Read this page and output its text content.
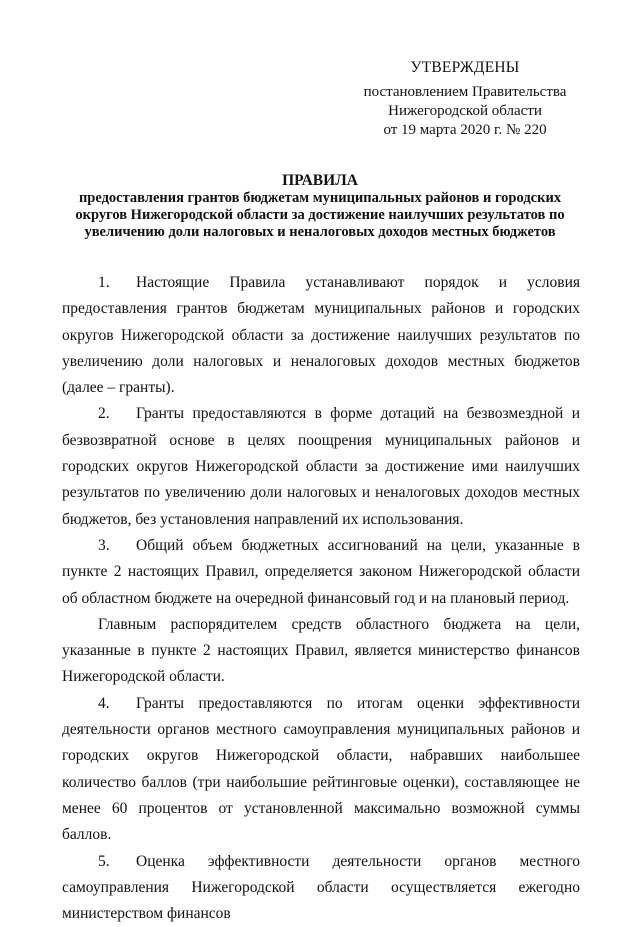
УТВЕРЖДЕНЫ
постановлением Правительства
Нижегородской области
от 19 марта 2020 г. № 220
ПРАВИЛА
предоставления грантов бюджетам муниципальных районов и городских округов Нижегородской области за достижение наилучших результатов по увеличению доли налоговых и неналоговых доходов местных бюджетов

1. Настоящие Правила устанавливают порядок и условия предоставления грантов бюджетам муниципальных районов и городских округов Нижегородской области за достижение наилучших результатов по увеличению доли налоговых и неналоговых доходов местных бюджетов (далее – гранты).

2. Гранты предоставляются в форме дотаций на безвозмездной и безвозвратной основе в целях поощрения муниципальных районов и городских округов Нижегородской области за достижение ими наилучших результатов по увеличению доли налоговых и неналоговых доходов местных бюджетов, без установления направлений их использования.

3. Общий объем бюджетных ассигнований на цели, указанные в пункте 2 настоящих Правил, определяется законом Нижегородской области об областном бюджете на очередной финансовый год и на плановый период.

Главным распорядителем средств областного бюджета на цели, указанные в пункте 2 настоящих Правил, является министерство финансов Нижегородской области.

4. Гранты предоставляются по итогам оценки эффективности деятельности органов местного самоуправления муниципальных районов и городских округов Нижегородской области, набравших наибольшее количество баллов (три наибольшие рейтинговые оценки), составляющее не менее 60 процентов от установленной максимально возможной суммы баллов.

5. Оценка эффективности деятельности органов местного самоуправления Нижегородской области осуществляется ежегодно министерством финансов
